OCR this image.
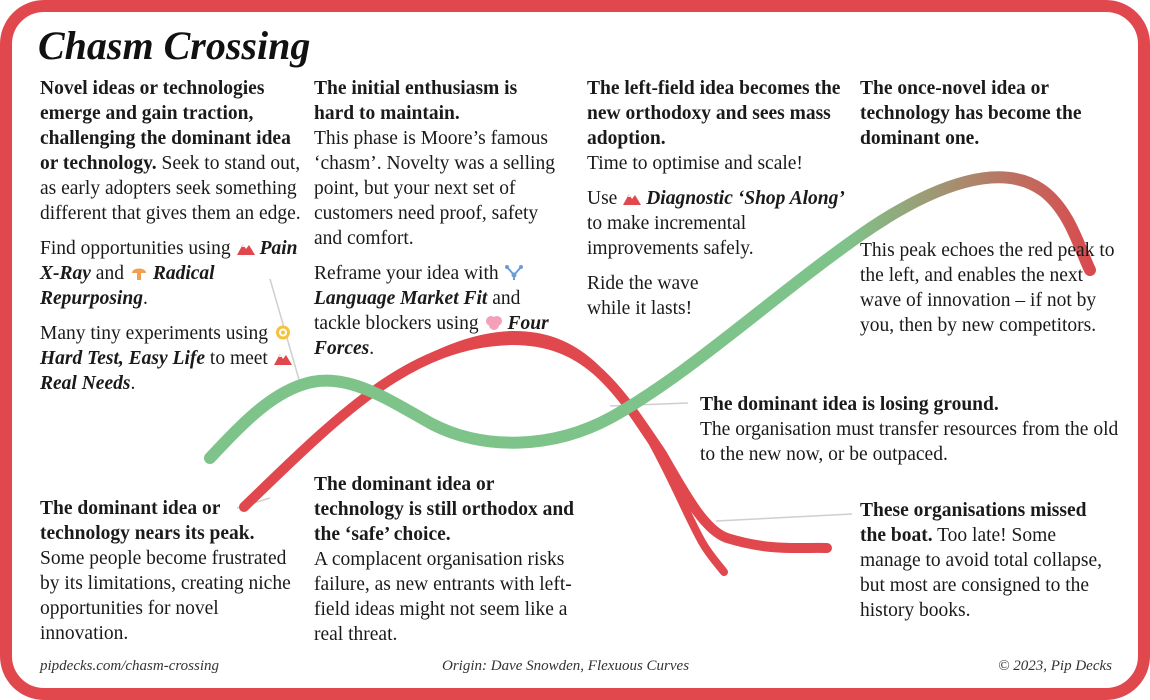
Chasm Crossing

Novel ideas or technologies emerge and gain traction, challenging the dominant idea or technology. Seek to stand out, as early adopters seek something different that gives them an edge.

Find opportunities using Pain X-Ray and Radical Repurposing.

Many tiny experiments using Hard Test, Easy Life to meet Real Needs.

The initial enthusiasm is hard to maintain.
This phase is Moore’s famous ‘chasm’. Novelty was a selling point, but your next set of customers need proof, safety and comfort.

Reframe your idea with Language Market Fit and tackle blockers using Four Forces.

The left-field idea becomes the new orthodoxy and sees mass adoption.
Time to optimise and scale!

Use Diagnostic ‘Shop Along’ to make incremental improvements safely.

Ride the wave while it lasts!

The once-novel idea or technology has become the dominant one.

This peak echoes the red peak to the left, and enables the next wave of innovation – if not by you, then by new competitors.

The dominant idea is losing ground.
The organisation must transfer resources from the old to the new now, or be outpaced.

The dominant idea or technology nears its peak.
Some people become frustrated by its limitations, creating niche opportunities for novel innovation.

The dominant idea or technology is still orthodox and the ‘safe’ choice.
A complacent organisation risks failure, as new entrants with left-field ideas might not seem like a real threat.

These organisations missed the boat. Too late! Some manage to avoid total collapse, but most are consigned to the history books.

pipdecks.com/chasm-crossing	Origin: Dave Snowden, Flexuous Curves	© 2023, Pip Decks
